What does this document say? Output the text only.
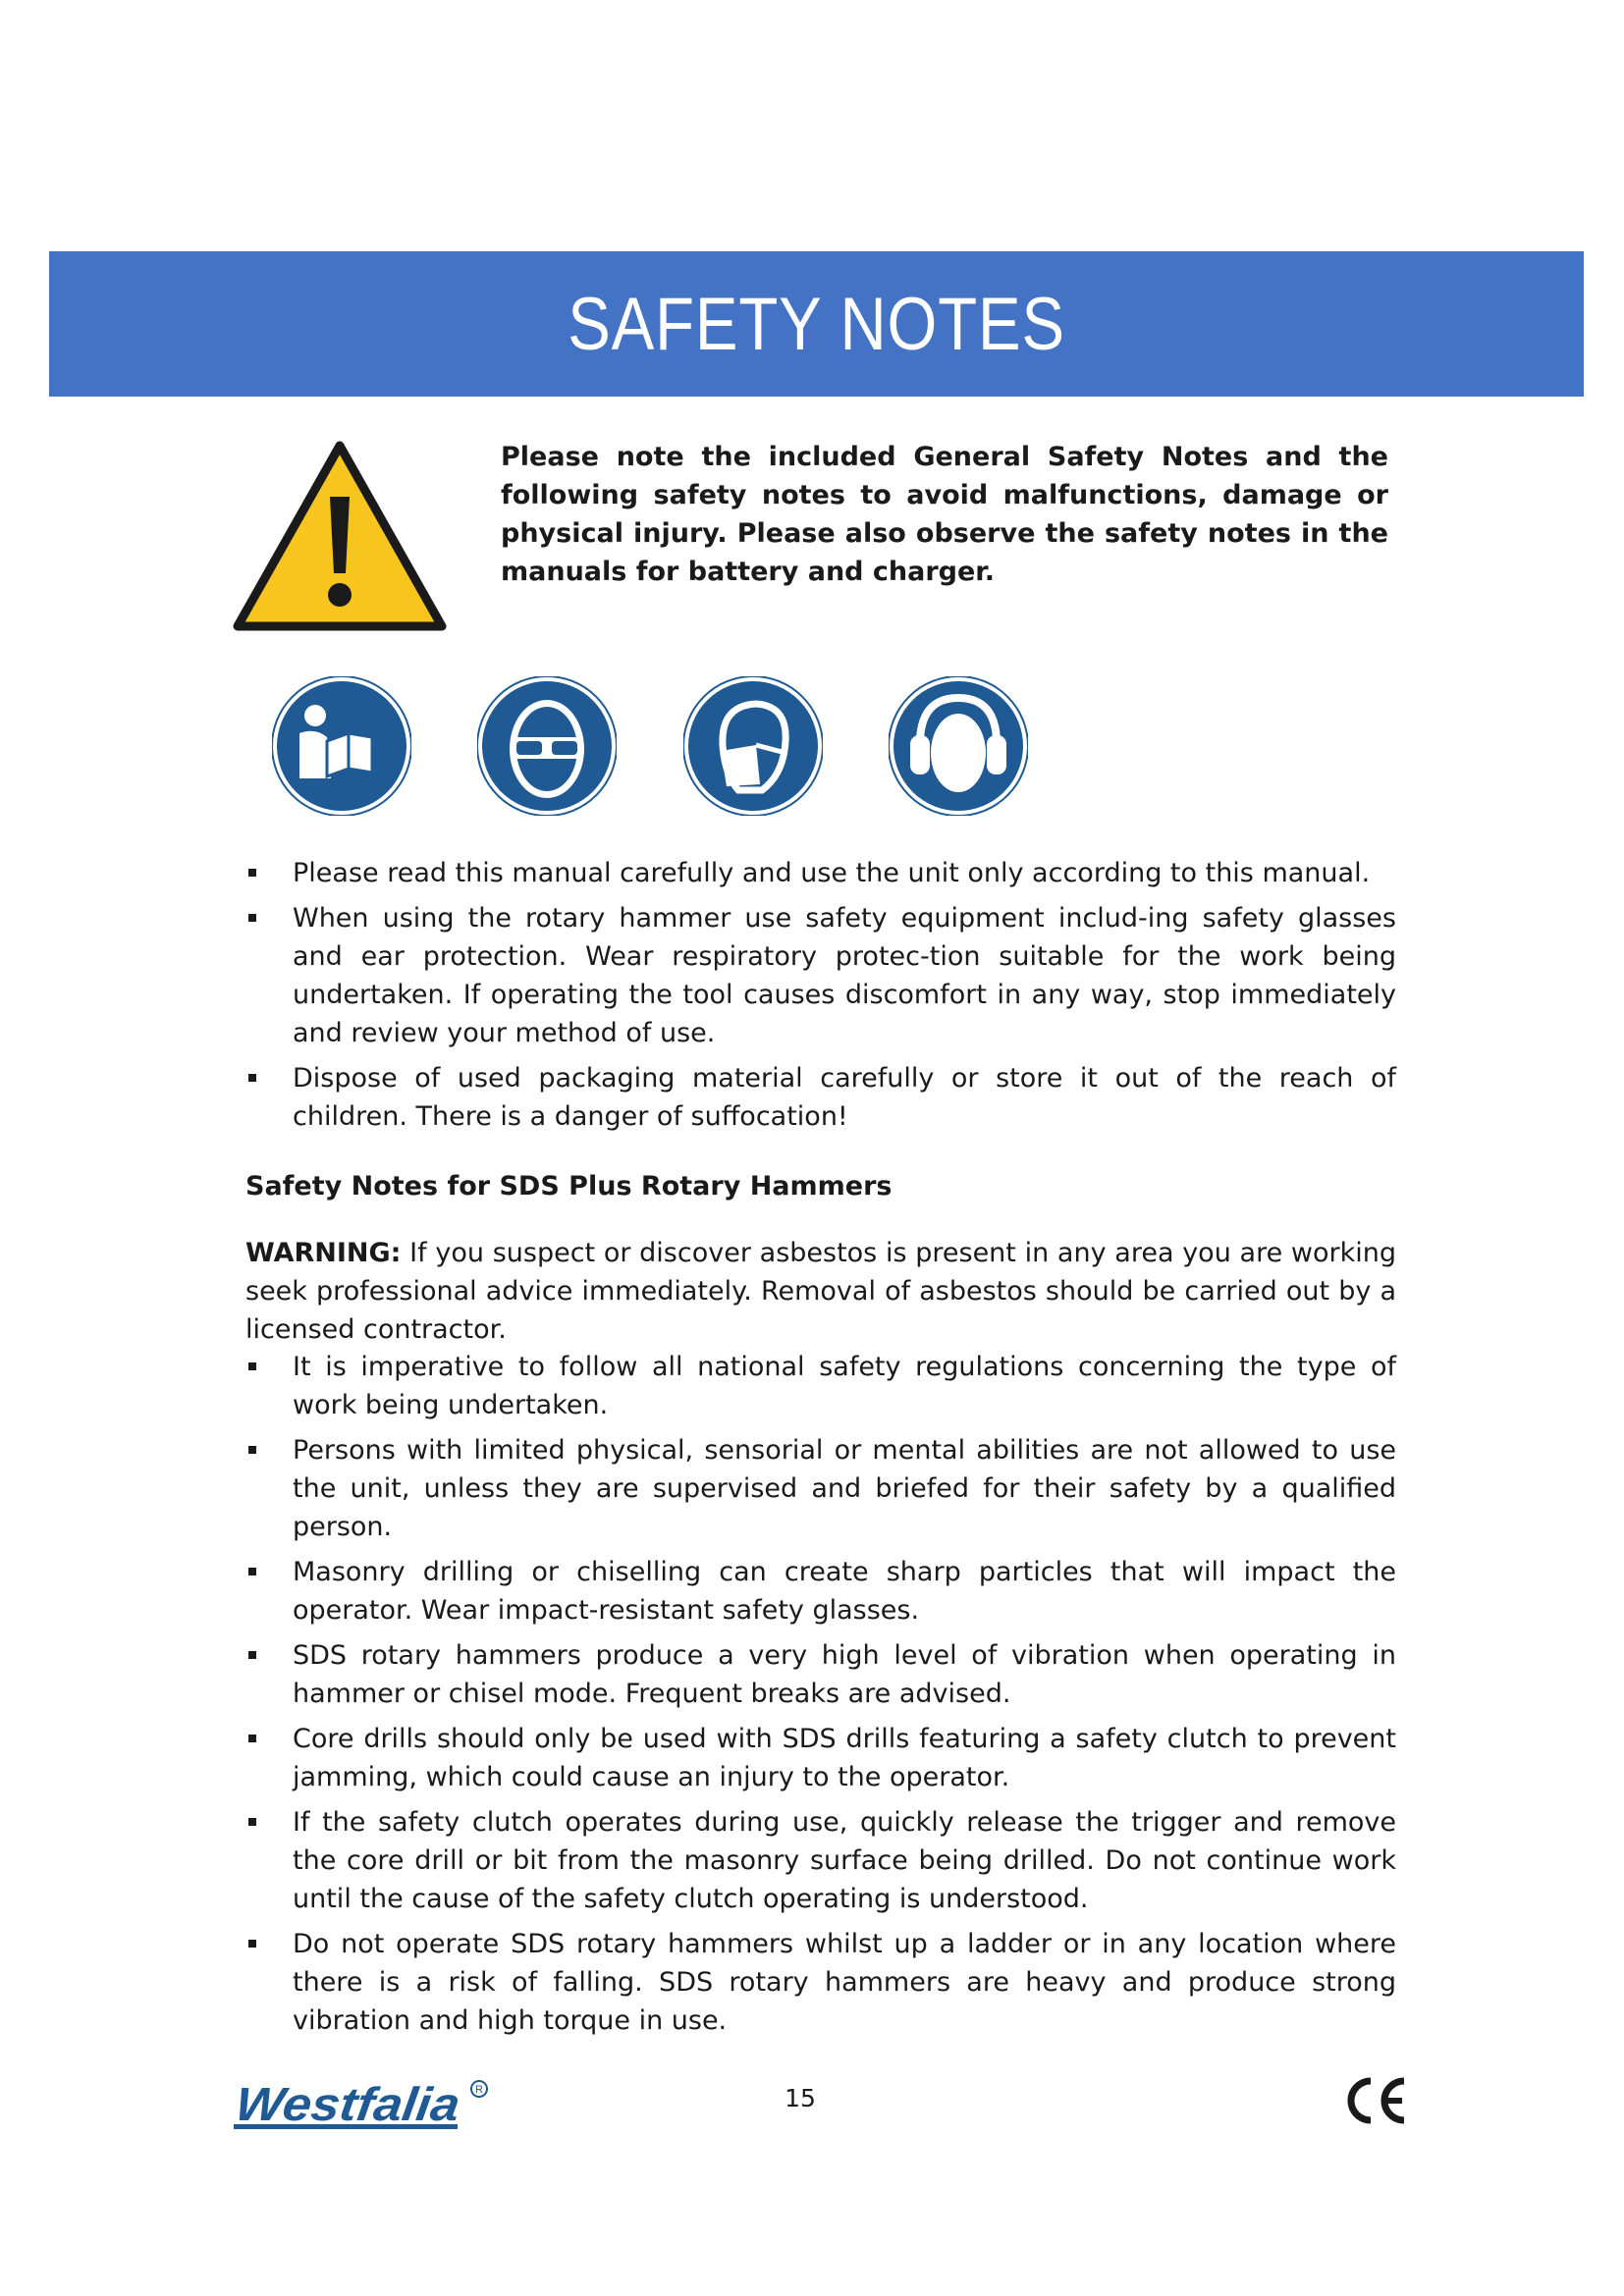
SAFETY NOTES
Please note the included General Safety Notes and the following safety notes to avoid malfunctions, damage or physical injury. Please also observe the safety notes in the manuals for battery and charger.
Please read this manual carefully and use the unit only according to this manual.
When using the rotary hammer use safety equipment includ-ing safety glasses and ear protection. Wear respiratory protec-tion suitable for the work being undertaken. If operating the tool causes discomfort in any way, stop immediately and review your method of use.
Dispose of used packaging material carefully or store it out of the reach of children. There is a danger of suffocation!
Safety Notes for SDS Plus Rotary Hammers
WARNING: If you suspect or discover asbestos is present in any area you are working seek professional advice immediately. Removal of asbestos should be carried out by a licensed contractor.
It is imperative to follow all national safety regulations concerning the type of work being undertaken.
Persons with limited physical, sensorial or mental abilities are not allowed to use the unit, unless they are supervised and briefed for their safety by a qualified person.
Masonry drilling or chiselling can create sharp particles that will impact the operator. Wear impact-resistant safety glasses.
SDS rotary hammers produce a very high level of vibration when operating in hammer or chisel mode. Frequent breaks are advised.
Core drills should only be used with SDS drills featuring a safety clutch to prevent jamming, which could cause an injury to the operator.
If the safety clutch operates during use, quickly release the trigger and remove the core drill or bit from the masonry surface being drilled. Do not continue work until the cause of the safety clutch operating is understood.
Do not operate SDS rotary hammers whilst up a ladder or in any location where there is a risk of falling. SDS rotary hammers are heavy and produce strong vibration and high torque in use.
Westfalia	R	15
